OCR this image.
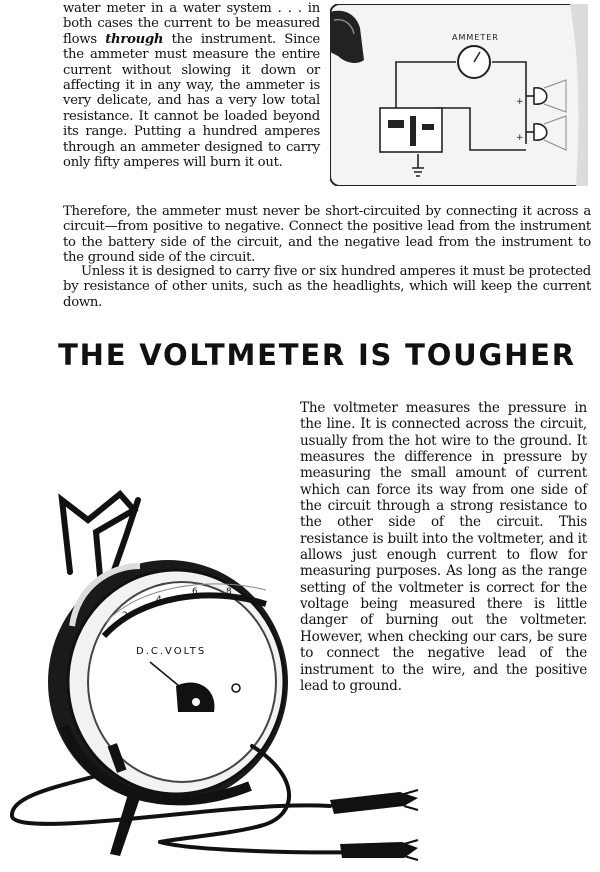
water meter in a water system . . . in both cases the current to be measured flows through the instrument. Since the ammeter must measure the entire current without slowing it down or affecting it in any way, the ammeter is very delicate, and has a very low total resistance. It cannot be loaded beyond its range. Putting a hundred amperes through an ammeter designed to carry only fifty amperes will burn it out.

Therefore, the ammeter must never be short-circuited by connecting it across a circuit—from positive to negative. Connect the positive lead from the instrument to the battery side of the circuit, and the negative lead from the instrument to the ground side of the circuit.

Unless it is designed to carry five or six hundred amperes it must be protected by resistance of other units, such as the headlights, which will keep the current down.

THE VOLTMETER IS TOUGHER

The voltmeter measures the pressure in the line. It is connected across the circuit, usually from the hot wire to the ground. It measures the difference in pressure by measuring the small amount of current which can force its way from one side of the circuit through a strong resistance to the other side of the circuit. This resistance is built into the voltmeter, and it allows just enough current to flow for measuring purposes. As long as the range setting of the voltmeter is correct for the voltage being measured there is little danger of burning out the voltmeter. However, when checking our cars, be sure to connect the negative lead of the instrument to the wire, and the positive lead to ground.

AMMETER
+
+
2
4
6	8
D.C.VOLTS
